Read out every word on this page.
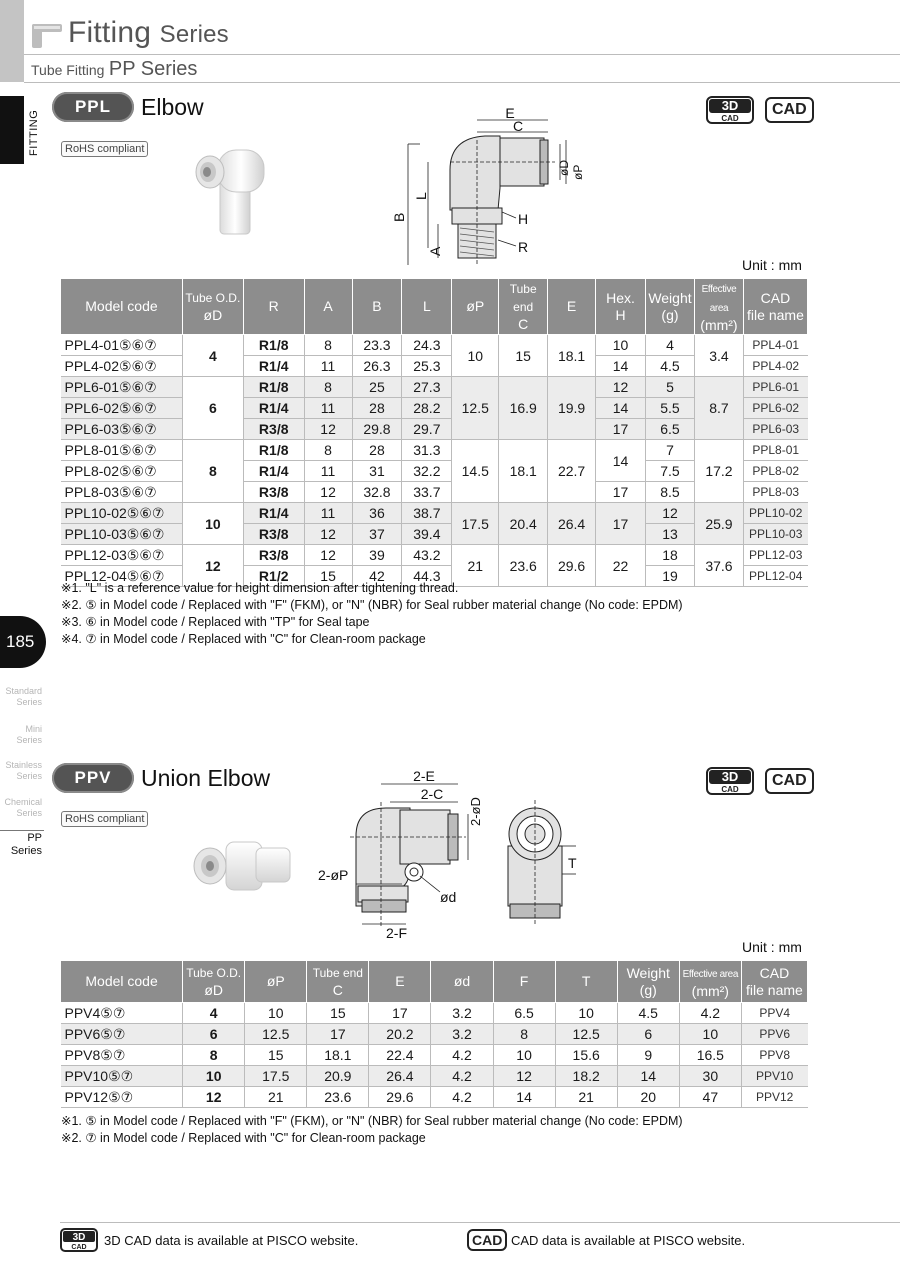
Fitting Series
Tube Fitting PP Series
FITTING
185
Standard Series
Mini Series
Stainless Series
Chemical Series
PP
Series
PPL	Elbow
RoHS compliant
3D
CAD
CAD
E
C
øD øP
L
B
A
H
R
Unit : mm
Model code	Tube O.D.
øD	R	A	B	L	øP	Tube end
C	E	Hex.
H	Weight
(g)	Effective area
(mm²)	CAD
file name
PPL4-01⑤⑥⑦	4	R1/8	8	23.3	24.3	10	15	18.1	10	4	3.4	PPL4-01
PPL4-02⑤⑥⑦		R1/4	11	26.3	25.3				14	4.5		PPL4-02
PPL6-01⑤⑥⑦	6	R1/8	8	25	27.3	12.5	16.9	19.9	12	5	8.7	PPL6-01
PPL6-02⑤⑥⑦		R1/4	11	28	28.2				14	5.5		PPL6-02
PPL6-03⑤⑥⑦		R3/8	12	29.8	29.7				17	6.5		PPL6-03
PPL8-01⑤⑥⑦	8	R1/8	8	28	31.3	14.5	18.1	22.7	14	7	17.2	PPL8-01
PPL8-02⑤⑥⑦		R1/4	11	31	32.2					7.5		PPL8-02
PPL8-03⑤⑥⑦		R3/8	12	32.8	33.7				17	8.5		PPL8-03
PPL10-02⑤⑥⑦	10	R1/4	11	36	38.7	17.5	20.4	26.4	17	12	25.9	PPL10-02
PPL10-03⑤⑥⑦		R3/8	12	37	39.4					13		PPL10-03
PPL12-03⑤⑥⑦	12	R3/8	12	39	43.2	21	23.6	29.6	22	18	37.6	PPL12-03
PPL12-04⑤⑥⑦		R1/2	15	42	44.3					19		PPL12-04
※1. "L" is a reference value for height dimension after tightening thread.
※2. ⑤ in Model code / Replaced with "F" (FKM), or "N" (NBR) for Seal rubber material change (No code: EPDM)
※3. ⑥ in Model code / Replaced with "TP" for Seal tape
※4. ⑦ in Model code / Replaced with "C" for Clean-room package
PPV	Union Elbow
RoHS compliant
3D
CAD
CAD
2-E
2-C
2-øD
2-øP
ød
2-F
T
Unit : mm
Model code	Tube O.D.
øD	øP	Tube end
C	E	ød	F	T	Weight
(g)	Effective area
(mm²)	CAD
file name
PPV4⑤⑦	4	10	15	17	3.2	6.5	10	4.5	4.2	PPV4
PPV6⑤⑦	6	12.5	17	20.2	3.2	8	12.5	6	10	PPV6
PPV8⑤⑦	8	15	18.1	22.4	4.2	10	15.6	9	16.5	PPV8
PPV10⑤⑦	10	17.5	20.9	26.4	4.2	12	18.2	14	30	PPV10
PPV12⑤⑦	12	21	23.6	29.6	4.2	14	21	20	47	PPV12
※1. ⑤ in Model code / Replaced with "F" (FKM), or "N" (NBR) for Seal rubber material change (No code: EPDM)
※2. ⑦ in Model code / Replaced with "C" for Clean-room package
3D
CAD 3D CAD data is available at PISCO website.	CAD CAD data is available at PISCO website.
